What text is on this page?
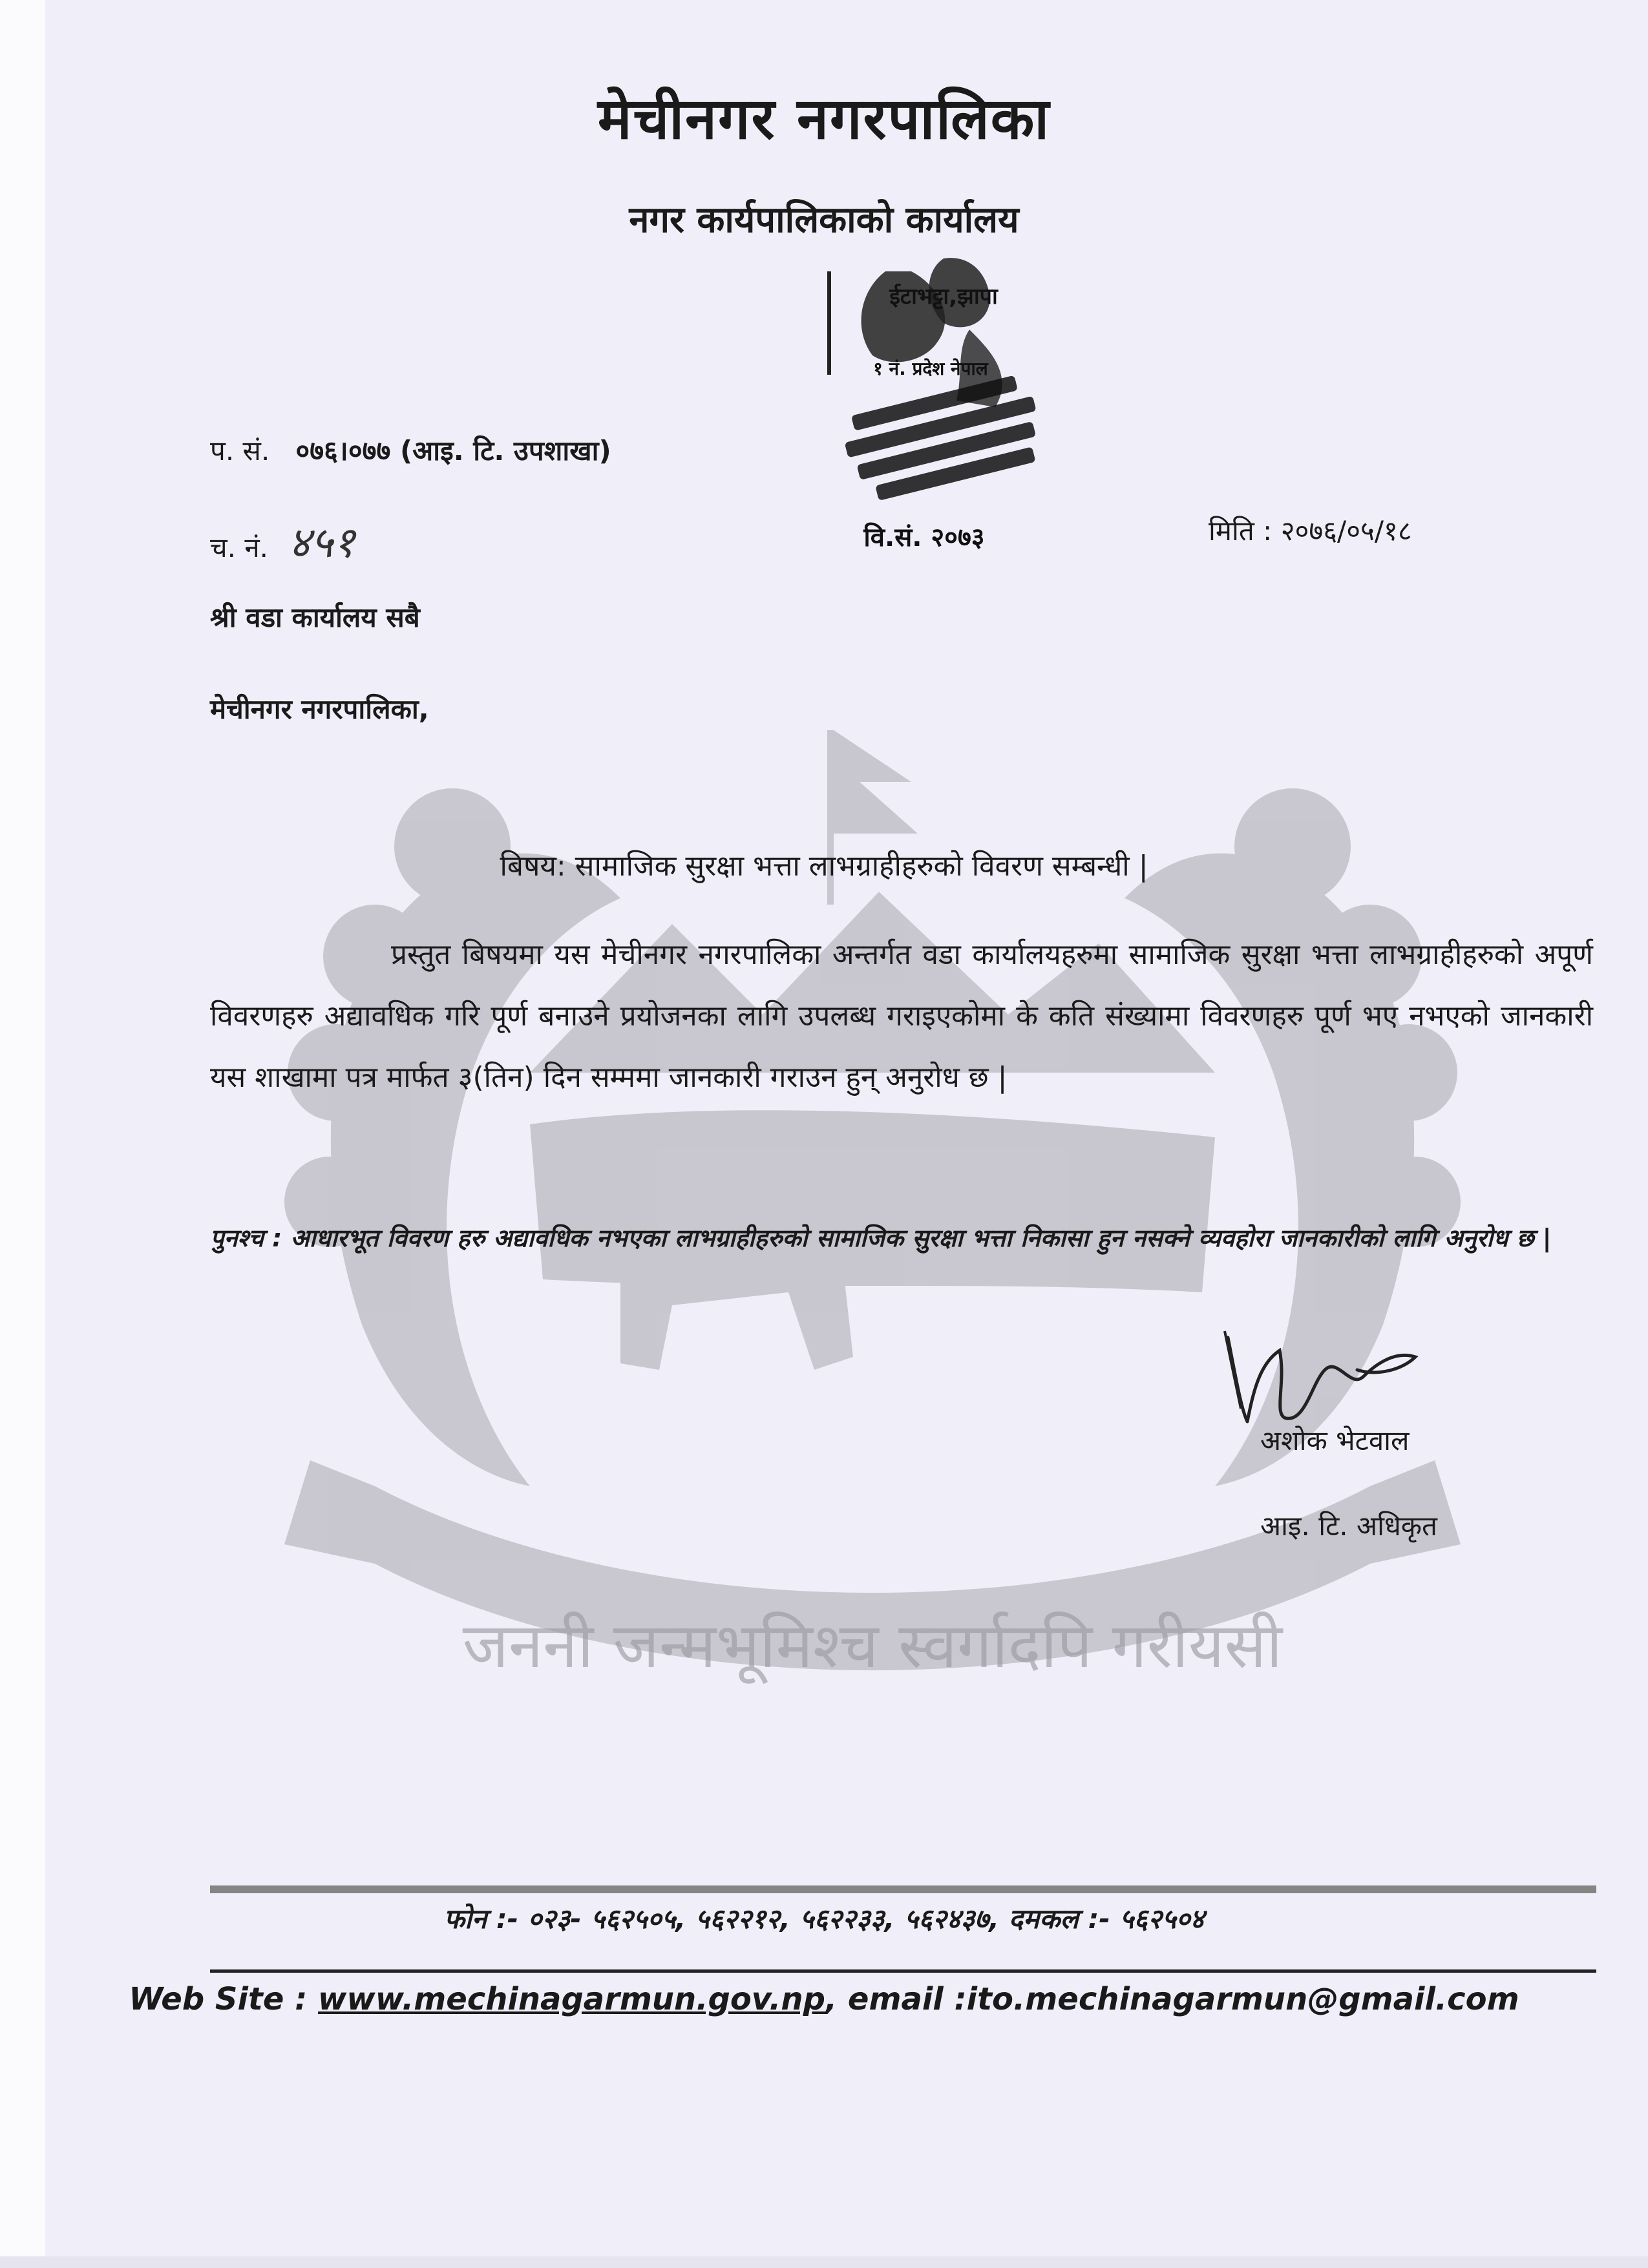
जननी जन्मभूमिश्च स्वर्गादपि गरीयसी
मेचीनगर नगरपालिका
नगर कार्यपालिकाको कार्यालय
ईटाभट्टा,झापा
१ नं. प्रदेश नेपाल
वि.सं. २०७३
प. सं. ०७६।०७७ (आइ. टि. उपशाखा)
च. नं. ४५१	मिति : २०७६/०५/१८
श्री वडा कार्यालय सबै
मेचीनगर नगरपालिका,
बिषय: सामाजिक सुरक्षा भत्ता लाभग्राहीहरुको विवरण सम्बन्धी |
प्रस्तुत बिषयमा यस मेचीनगर नगरपालिका अन्तर्गत वडा कार्यालयहरुमा सामाजिक सुरक्षा भत्ता लाभग्राहीहरुको अपूर्ण विवरणहरु अद्यावधिक गरि पूर्ण बनाउने प्रयोजनका लागि उपलब्ध गराइएकोमा के कति संख्यामा विवरणहरु पूर्ण भए नभएको जानकारी यस शाखामा पत्र मार्फत ३(तिन) दिन सम्ममा जानकारी गराउन हुन् अनुरोध छ |
पुनश्च : आधारभूत विवरण हरु अद्यावधिक नभएका लाभग्राहीहरुको सामाजिक सुरक्षा भत्ता निकासा हुन नसक्ने व्यवहोरा जानकारीको लागि अनुरोध छ |
अशोक भेटवाल
आइ. टि. अधिकृत
फोन :- ०२३- ५६२५०५, ५६२२१२, ५६२२३३, ५६२४३७, दमकल :- ५६२५०४
Web Site : www.mechinagarmun.gov.np, email :ito.mechinagarmun@gmail.com
